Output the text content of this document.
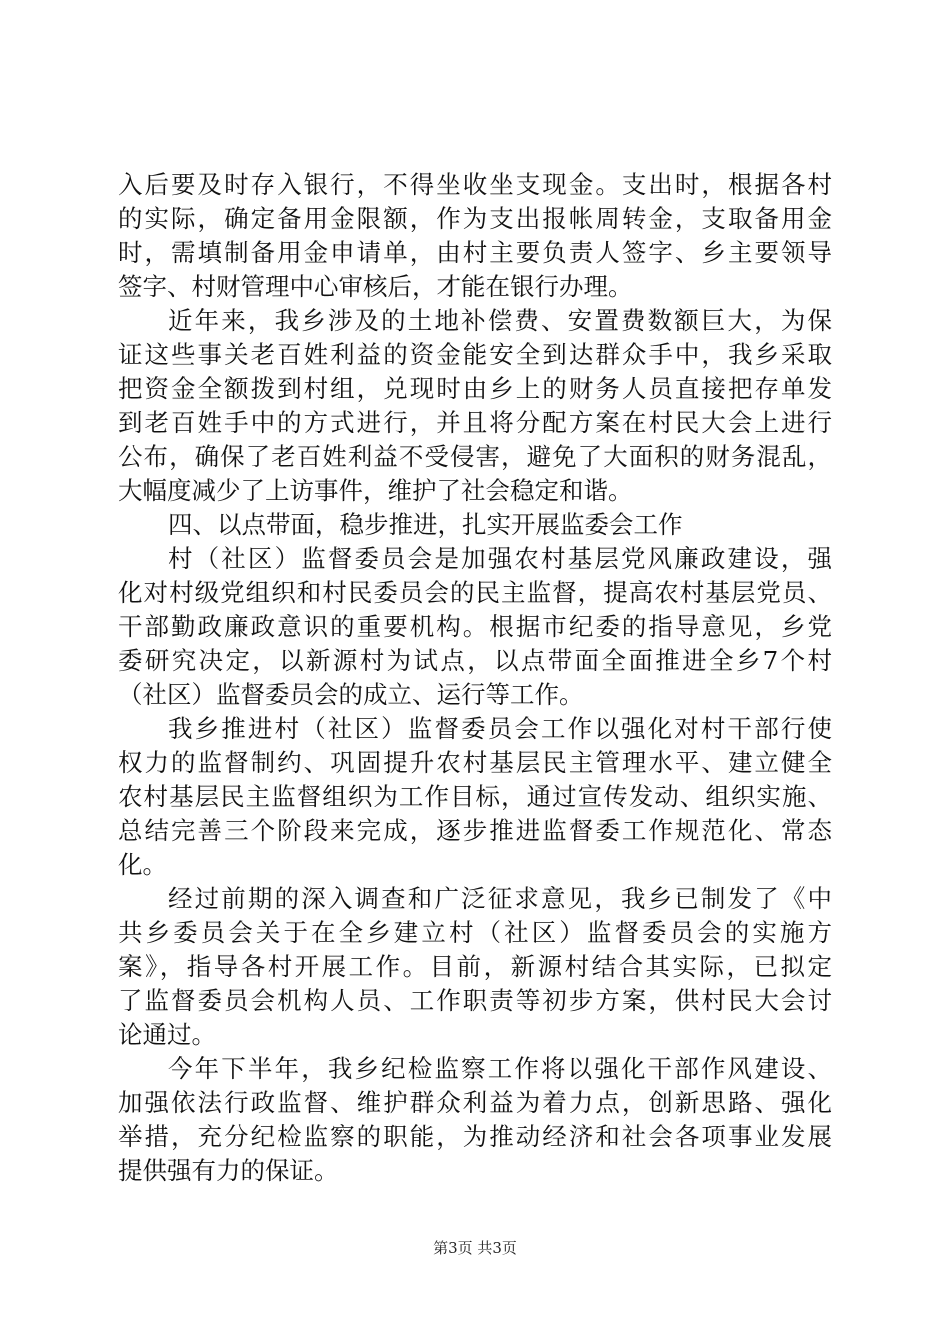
入后要及时存入银行，不得坐收坐支现金。支出时，根据各村
的实际，确定备用金限额，作为支出报帐周转金，支取备用金
时，需填制备用金申请单，由村主要负责人签字、乡主要领导
签字、村财管理中心审核后，才能在银行办理。
近年来，我乡涉及的土地补偿费、安置费数额巨大，为保
证这些事关老百姓利益的资金能安全到达群众手中，我乡采取
把资金全额拨到村组，兑现时由乡上的财务人员直接把存单发
到老百姓手中的方式进行，并且将分配方案在村民大会上进行
公布，确保了老百姓利益不受侵害，避免了大面积的财务混乱，
大幅度减少了上访事件，维护了社会稳定和谐。
四、以点带面，稳步推进，扎实开展监委会工作
村（社区）监督委员会是加强农村基层党风廉政建设，强
化对村级党组织和村民委员会的民主监督，提高农村基层党员、
干部勤政廉政意识的重要机构。根据市纪委的指导意见，乡党
委研究决定，以新源村为试点，以点带面全面推进全乡7个村
（社区）监督委员会的成立、运行等工作。
我乡推进村（社区）监督委员会工作以强化对村干部行使
权力的监督制约、巩固提升农村基层民主管理水平、建立健全
农村基层民主监督组织为工作目标，通过宣传发动、组织实施、
总结完善三个阶段来完成，逐步推进监督委工作规范化、常态
化。
经过前期的深入调查和广泛征求意见，我乡已制发了《中
共乡委员会关于在全乡建立村（社区）监督委员会的实施方
案》，指导各村开展工作。目前，新源村结合其实际，已拟定
了监督委员会机构人员、工作职责等初步方案，供村民大会讨
论通过。
今年下半年，我乡纪检监察工作将以强化干部作风建设、
加强依法行政监督、维护群众利益为着力点，创新思路、强化
举措，充分纪检监察的职能，为推动经济和社会各项事业发展
提供强有力的保证。
第3页 共3页
